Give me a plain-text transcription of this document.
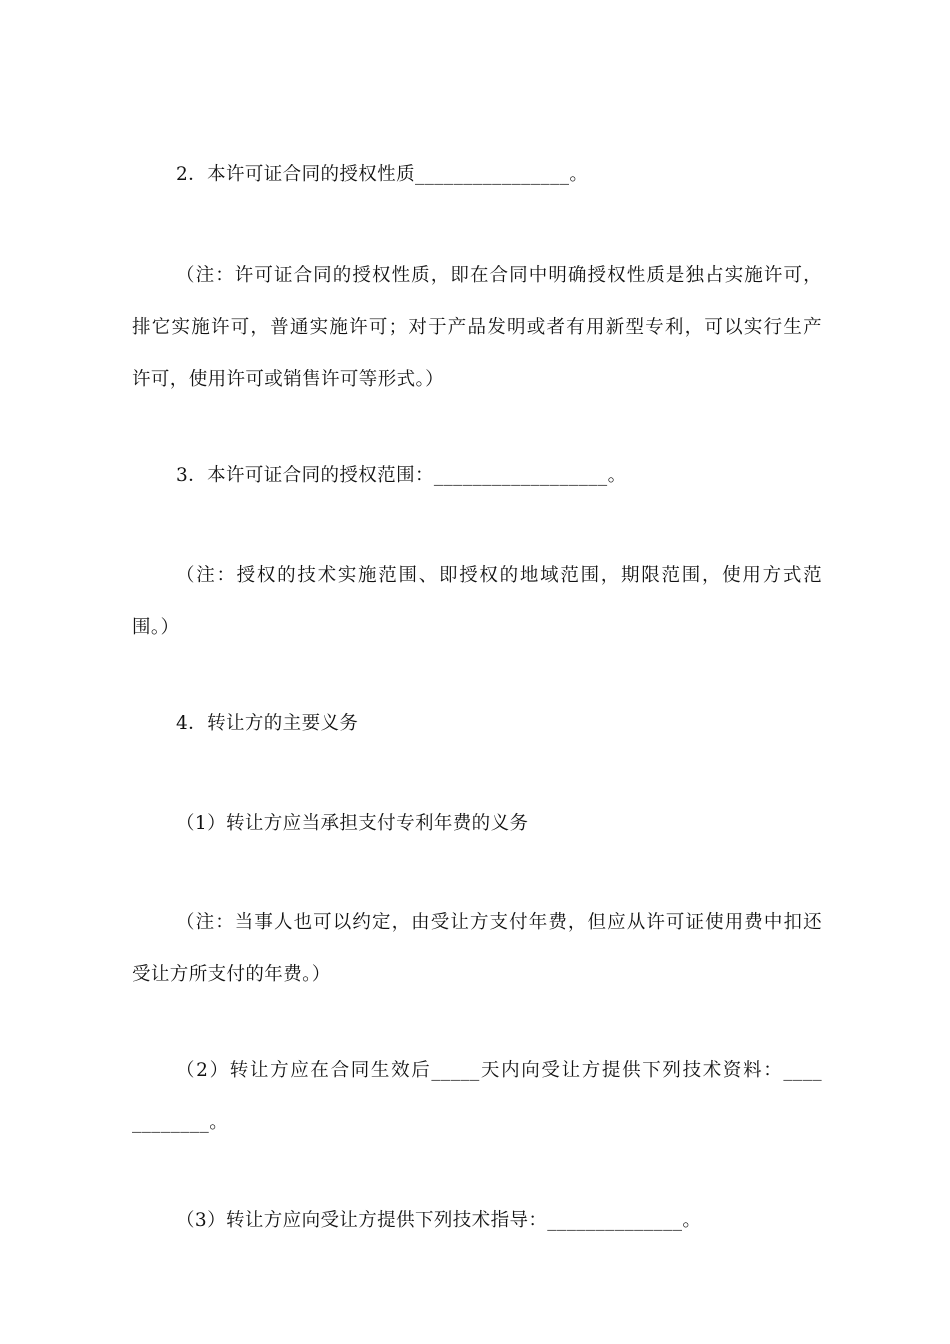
2．本许可证合同的授权性质________________。
（注：许可证合同的授权性质，即在合同中明确授权性质是独占实施许可，
排它实施许可，普通实施许可；对于产品发明或者有用新型专利，可以实行生产
许可，使用许可或销售许可等形式。）
3．本许可证合同的授权范围：__________________。
（注：授权的技术实施范围、即授权的地域范围，期限范围，使用方式范
围。）
4．转让方的主要义务
（1）转让方应当承担支付专利年费的义务
（注：当事人也可以约定，由受让方支付年费，但应从许可证使用费中扣还
受让方所支付的年费。）
（2）转让方应在合同生效后_____天内向受让方提供下列技术资料：____
________。
（3）转让方应向受让方提供下列技术指导：______________。
